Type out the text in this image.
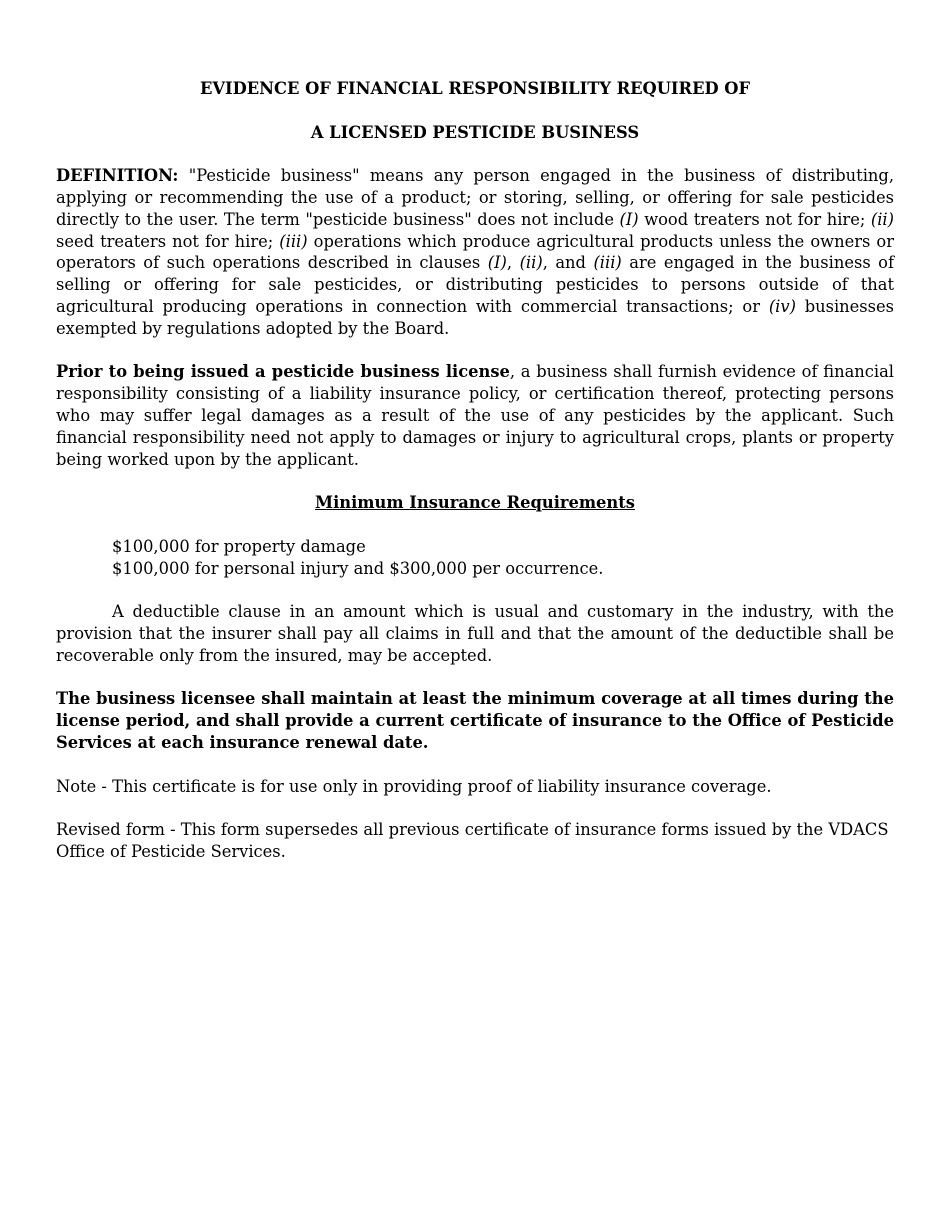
EVIDENCE OF FINANCIAL RESPONSIBILITY REQUIRED OF
A LICENSED PESTICIDE BUSINESS

DEFINITION: "Pesticide business" means any person engaged in the business of distributing, applying or recommending the use of a product; or storing, selling, or offering for sale pesticides directly to the user. The term "pesticide business" does not include (I) wood treaters not for hire; (ii) seed treaters not for hire; (iii) operations which produce agricultural products unless the owners or operators of such operations described in clauses (I), (ii), and (iii) are engaged in the business of selling or offering for sale pesticides, or distributing pesticides to persons outside of that agricultural producing operations in connection with commercial transactions; or (iv) businesses exempted by regulations adopted by the Board.

Prior to being issued a pesticide business license, a business shall furnish evidence of financial responsibility consisting of a liability insurance policy, or certification thereof, protecting persons who may suffer legal damages as a result of the use of any pesticides by the applicant. Such financial responsibility need not apply to damages or injury to agricultural crops, plants or property being worked upon by the applicant.

Minimum Insurance Requirements
$100,000 for property damage
$100,000 for personal injury and $300,000 per occurrence.

A deductible clause in an amount which is usual and customary in the industry, with the provision that the insurer shall pay all claims in full and that the amount of the deductible shall be recoverable only from the insured, may be accepted.

The business licensee shall maintain at least the minimum coverage at all times during the license period, and shall provide a current certificate of insurance to the Office of Pesticide Services at each insurance renewal date.

Note - This certificate is for use only in providing proof of liability insurance coverage.

Revised form - This form supersedes all previous certificate of insurance forms issued by the VDACS Office of Pesticide Services.
